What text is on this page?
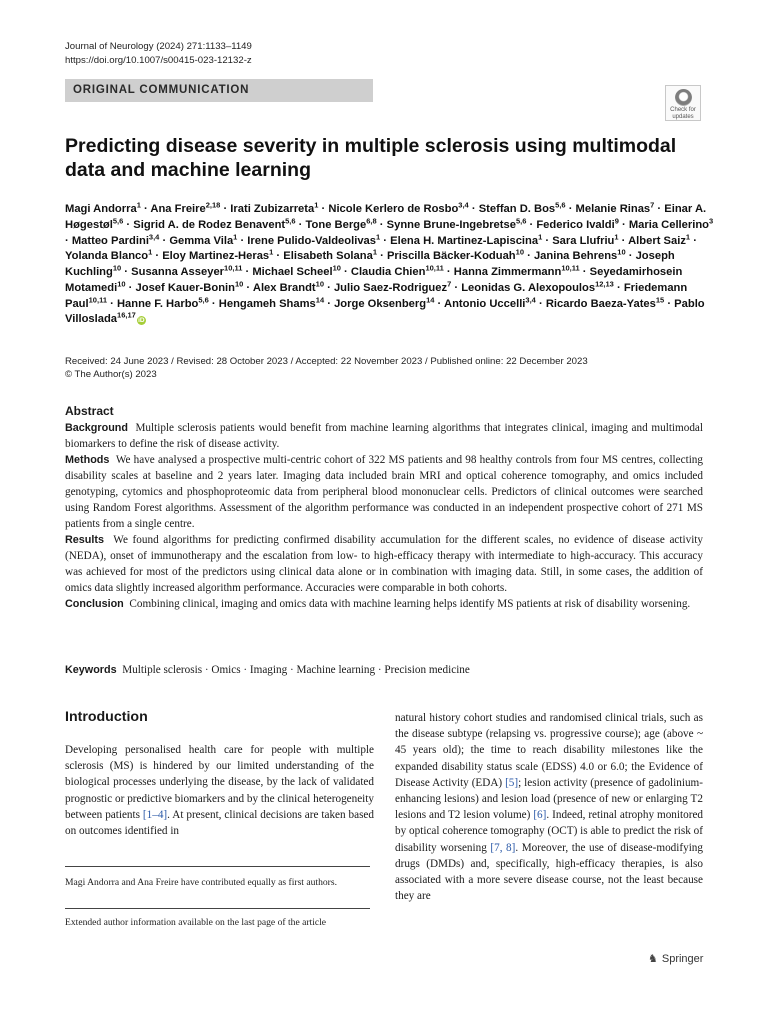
Journal of Neurology (2024) 271:1133–1149
https://doi.org/10.1007/s00415-023-12132-z
ORIGINAL COMMUNICATION
Check for updates
Predicting disease severity in multiple sclerosis using multimodal data and machine learning
Magi Andorra$^1$ · Ana Freire$^{2,18}$ · Irati Zubizarreta$^1$ · Nicole Kerlero de Rosbo$^{3,4}$ · Steffan D. Bos$^{5,6}$ · Melanie Rinas$^7$ · Einar A. Høgestøl$^{5,6}$ · Sigrid A. de Rodez Benavent$^{5,6}$ · Tone Berge$^{6,8}$ · Synne Brune‑Ingebretse$^{5,6}$ · Federico Ivaldi$^9$ · Maria Cellerino$^3$ · Matteo Pardini$^{3,4}$ · Gemma Vila$^1$ · Irene Pulido‑Valdeolivas$^1$ · Elena H. Martinez‑Lapiscina$^1$ · Sara Llufriu$^1$ · Albert Saiz$^1$ · Yolanda Blanco$^1$ · Eloy Martinez‑Heras$^1$ · Elisabeth Solana$^1$ · Priscilla Bäcker‑Koduah$^{10}$ · Janina Behrens$^{10}$ · Joseph Kuchling$^{10}$ · Susanna Asseyer$^{10,11}$ · Michael Scheel$^{10}$ · Claudia Chien$^{10,11}$ · Hanna Zimmermann$^{10,11}$ · Seyedamirhosein Motamedi$^{10}$ · Josef Kauer‑Bonin$^{10}$ · Alex Brandt$^{10}$ · Julio Saez‑Rodriguez$^7$ · Leonidas G. Alexopoulos$^{12,13}$ · Friedemann Paul$^{10,11}$ · Hanne F. Harbo$^{5,6}$ · Hengameh Shams$^{14}$ · Jorge Oksenberg$^{14}$ · Antonio Uccelli$^{3,4}$ · Ricardo Baeza‑Yates$^{15}$ · Pablo Villoslada$^{16,17}$iD
Received: 24 June 2023 / Revised: 28 October 2023 / Accepted: 22 November 2023 / Published online: 22 December 2023
© The Author(s) 2023
Abstract

Background Multiple sclerosis patients would benefit from machine learning algorithms that integrates clinical, imaging and multimodal biomarkers to define the risk of disease activity.

Methods We have analysed a prospective multi-centric cohort of 322 MS patients and 98 healthy controls from four MS centres, collecting disability scales at baseline and 2 years later. Imaging data included brain MRI and optical coherence tomography, and omics included genotyping, cytomics and phosphoproteomic data from peripheral blood mononuclear cells. Predictors of clinical outcomes were searched using Random Forest algorithms. Assessment of the algorithm performance was conducted in an independent prospective cohort of 271 MS patients from a single centre.

Results We found algorithms for predicting confirmed disability accumulation for the different scales, no evidence of disease activity (NEDA), onset of immunotherapy and the escalation from low- to high-efficacy therapy with intermediate to high-accuracy. This accuracy was achieved for most of the predictors using clinical data alone or in combination with imaging data. Still, in some cases, the addition of omics data slightly increased algorithm performance. Accuracies were comparable in both cohorts.

Conclusion Combining clinical, imaging and omics data with machine learning helps identify MS patients at risk of disability worsening.

Keywords Multiple sclerosis · Omics · Imaging · Machine learning · Precision medicine
Introduction

Developing personalised health care for people with multiple sclerosis (MS) is hindered by our limited understanding of the biological processes underlying the disease, by the lack of validated prognostic or predictive biomarkers and by the clinical heterogeneity between patients [1–4]. At present, clinical decisions are taken based on outcomes identified in

natural history cohort studies and randomised clinical trials, such as the disease subtype (relapsing vs. progressive course); age (above ~ 45 years old); the time to reach disability milestones like the expanded disability status scale (EDSS) 4.0 or 6.0; the Evidence of Disease Activity (EDA) [5]; lesion activity (presence of gadolinium-enhancing lesions) and lesion load (presence of new or enlarging T2 lesions and T2 lesion volume) [6]. Indeed, retinal atrophy monitored by optical coherence tomography (OCT) is able to predict the risk of disability worsening [7, 8]. Moreover, the use of disease-modifying drugs (DMDs) and, specifically, high-efficacy therapies, is also associated with a more severe disease course, not the least because they are

Magi Andorra and Ana Freire have contributed equally as first authors.
Extended author information available on the last page of the article
♞ Springer
